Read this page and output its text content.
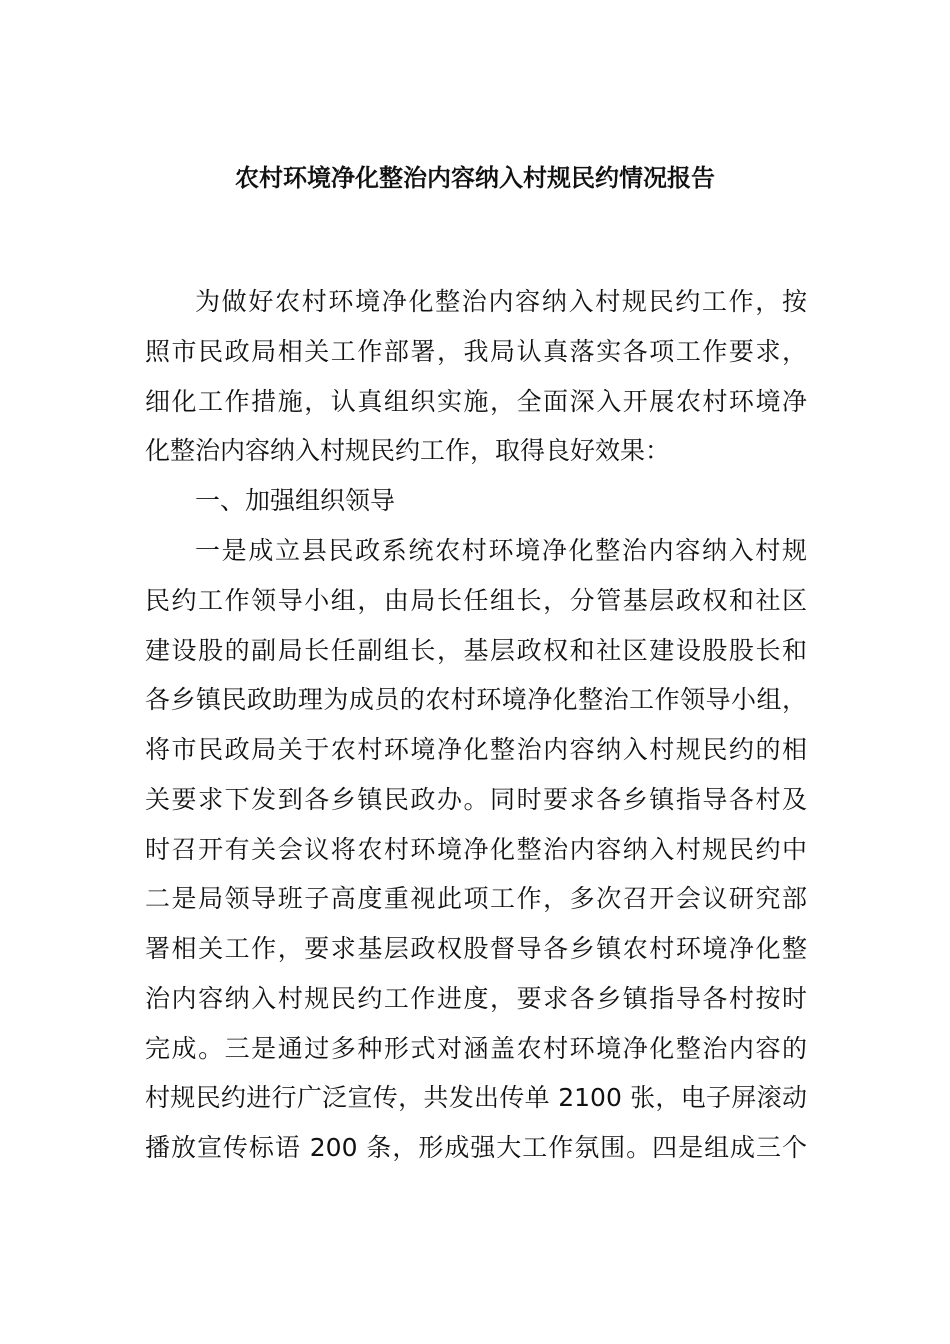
农村环境净化整治内容纳入村规民约情况报告
为做好农村环境净化整治内容纳入村规民约工作，按
照市民政局相关工作部署，我局认真落实各项工作要求，
细化工作措施，认真组织实施，全面深入开展农村环境净
化整治内容纳入村规民约工作，取得良好效果：
一、加强组织领导
一是成立县民政系统农村环境净化整治内容纳入村规
民约工作领导小组，由局长任组长，分管基层政权和社区
建设股的副局长任副组长，基层政权和社区建设股股长和
各乡镇民政助理为成员的农村环境净化整治工作领导小组，
将市民政局关于农村环境净化整治内容纳入村规民约的相
关要求下发到各乡镇民政办。同时要求各乡镇指导各村及
时召开有关会议将农村环境净化整治内容纳入村规民约中
二是局领导班子高度重视此项工作，多次召开会议研究部
署相关工作，要求基层政权股督导各乡镇农村环境净化整
治内容纳入村规民约工作进度，要求各乡镇指导各村按时
完成。三是通过多种形式对涵盖农村环境净化整治内容的
村规民约进行广泛宣传，共发出传单 2100 张，电子屏滚动
播放宣传标语 200 条，形成强大工作氛围。四是组成三个
